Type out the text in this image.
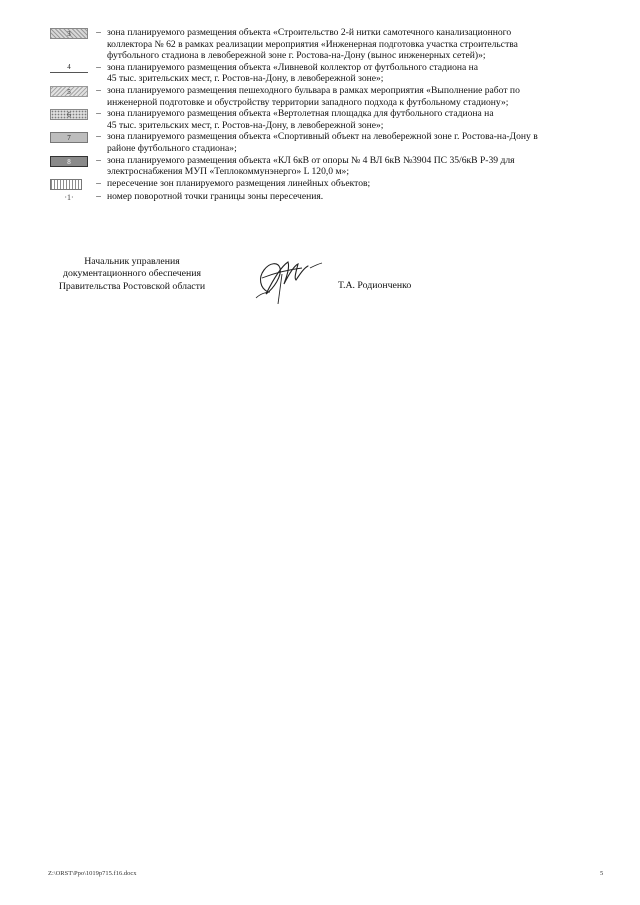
3	– зона планируемого размещения объекта «Строительство 2-й нитки самотечного канализационного
коллектора № 62 в рамках реализации мероприятия «Инженерная подготовка участка строительства
футбольного стадиона в левобережной зоне г. Ростова-на-Дону (вынос инженерных сетей)»;
4	– зона планируемого размещения объекта «Ливневой коллектор от футбольного стадиона на
45 тыс. зрительских мест, г. Ростов-на-Дону, в левобережной зоне»;
5	– зона планируемого размещения пешеходного бульвара в рамках мероприятия «Выполнение работ по
инженерной подготовке и обустройству территории западного подхода к футбольному стадиону»;
6	– зона планируемого размещения объекта «Вертолетная площадка для футбольного стадиона на
45 тыс. зрительских мест, г. Ростов-на-Дону, в левобережной зоне»;
7	– зона планируемого размещения объекта «Спортивный объект на левобережной зоне г. Ростова-на-Дону в
районе футбольного стадиона»;
8	– зона планируемого размещения объекта «КЛ 6кВ от опоры № 4 ВЛ 6кВ №3904 ПС 35/6кВ Р-39 для
электроснабжения МУП «Теплокоммунэнерго» L 120,0 м»;
– пересечение зон планируемого размещения линейных объектов;
·1·	– номер поворотной точки границы зоны пересечения.
Начальник управления
документационного обеспечения
Правительства Ростовской области	Т.А. Родионченко
Z:\ORST\Ppo\1019p715.f16.docx	5
